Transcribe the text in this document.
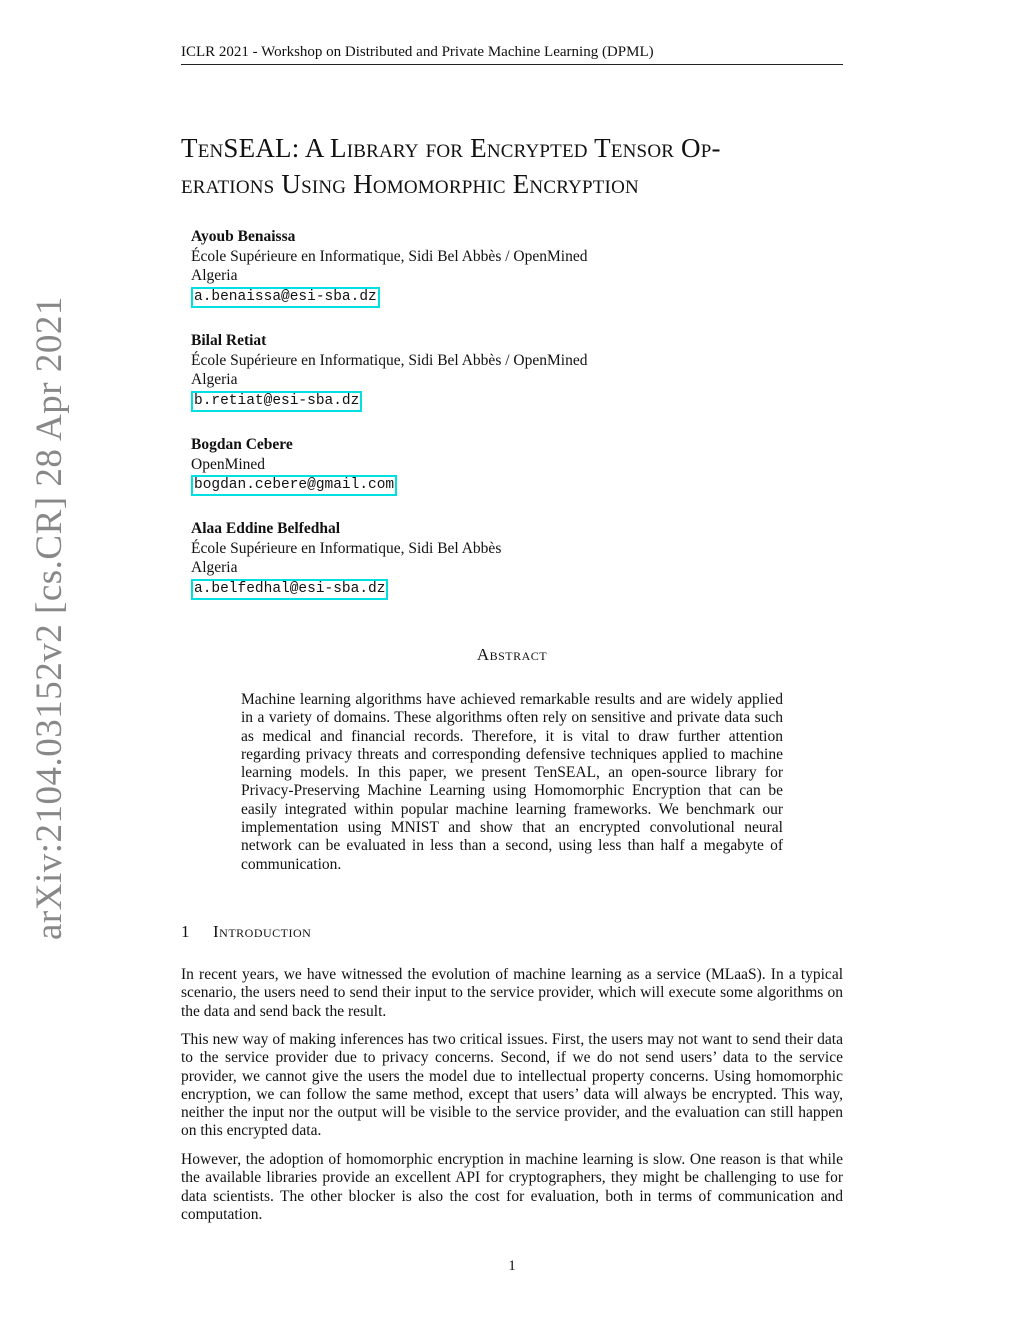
ICLR 2021 - Workshop on Distributed and Private Machine Learning (DPML)
arXiv:2104.03152v2 [cs.CR] 28 Apr 2021
TenSEAL: A Library for Encrypted Tensor Op-
erations Using Homomorphic Encryption
Ayoub Benaissa
École Supérieure en Informatique, Sidi Bel Abbès / OpenMined
Algeria
a.benaissa@esi-sba.dz
Bilal Retiat
École Supérieure en Informatique, Sidi Bel Abbès / OpenMined
Algeria
b.retiat@esi-sba.dz
Bogdan Cebere
OpenMined
bogdan.cebere@gmail.com
Alaa Eddine Belfedhal
École Supérieure en Informatique, Sidi Bel Abbès
Algeria
a.belfedhal@esi-sba.dz
Abstract
Machine learning algorithms have achieved remarkable results and are widely applied in a variety of domains. These algorithms often rely on sensitive and private data such as medical and financial records. Therefore, it is vital to draw further attention regarding privacy threats and corresponding defensive techniques applied to machine learning models. In this paper, we present TenSEAL, an open-source library for Privacy-Preserving Machine Learning using Homomorphic Encryption that can be easily integrated within popular machine learning frameworks. We benchmark our implementation using MNIST and show that an encrypted convolutional neural network can be evaluated in less than a second, using less than half a megabyte of communication.
1 Introduction
In recent years, we have witnessed the evolution of machine learning as a service (MLaaS). In a typical scenario, the users need to send their input to the service provider, which will execute some algorithms on the data and send back the result.
This new way of making inferences has two critical issues. First, the users may not want to send their data to the service provider due to privacy concerns. Second, if we do not send users’ data to the service provider, we cannot give the users the model due to intellectual property concerns. Using homomorphic encryption, we can follow the same method, except that users’ data will always be encrypted. This way, neither the input nor the output will be visible to the service provider, and the evaluation can still happen on this encrypted data.
However, the adoption of homomorphic encryption in machine learning is slow. One reason is that while the available libraries provide an excellent API for cryptographers, they might be challenging to use for data scientists. The other blocker is also the cost for evaluation, both in terms of communication and computation.
1
